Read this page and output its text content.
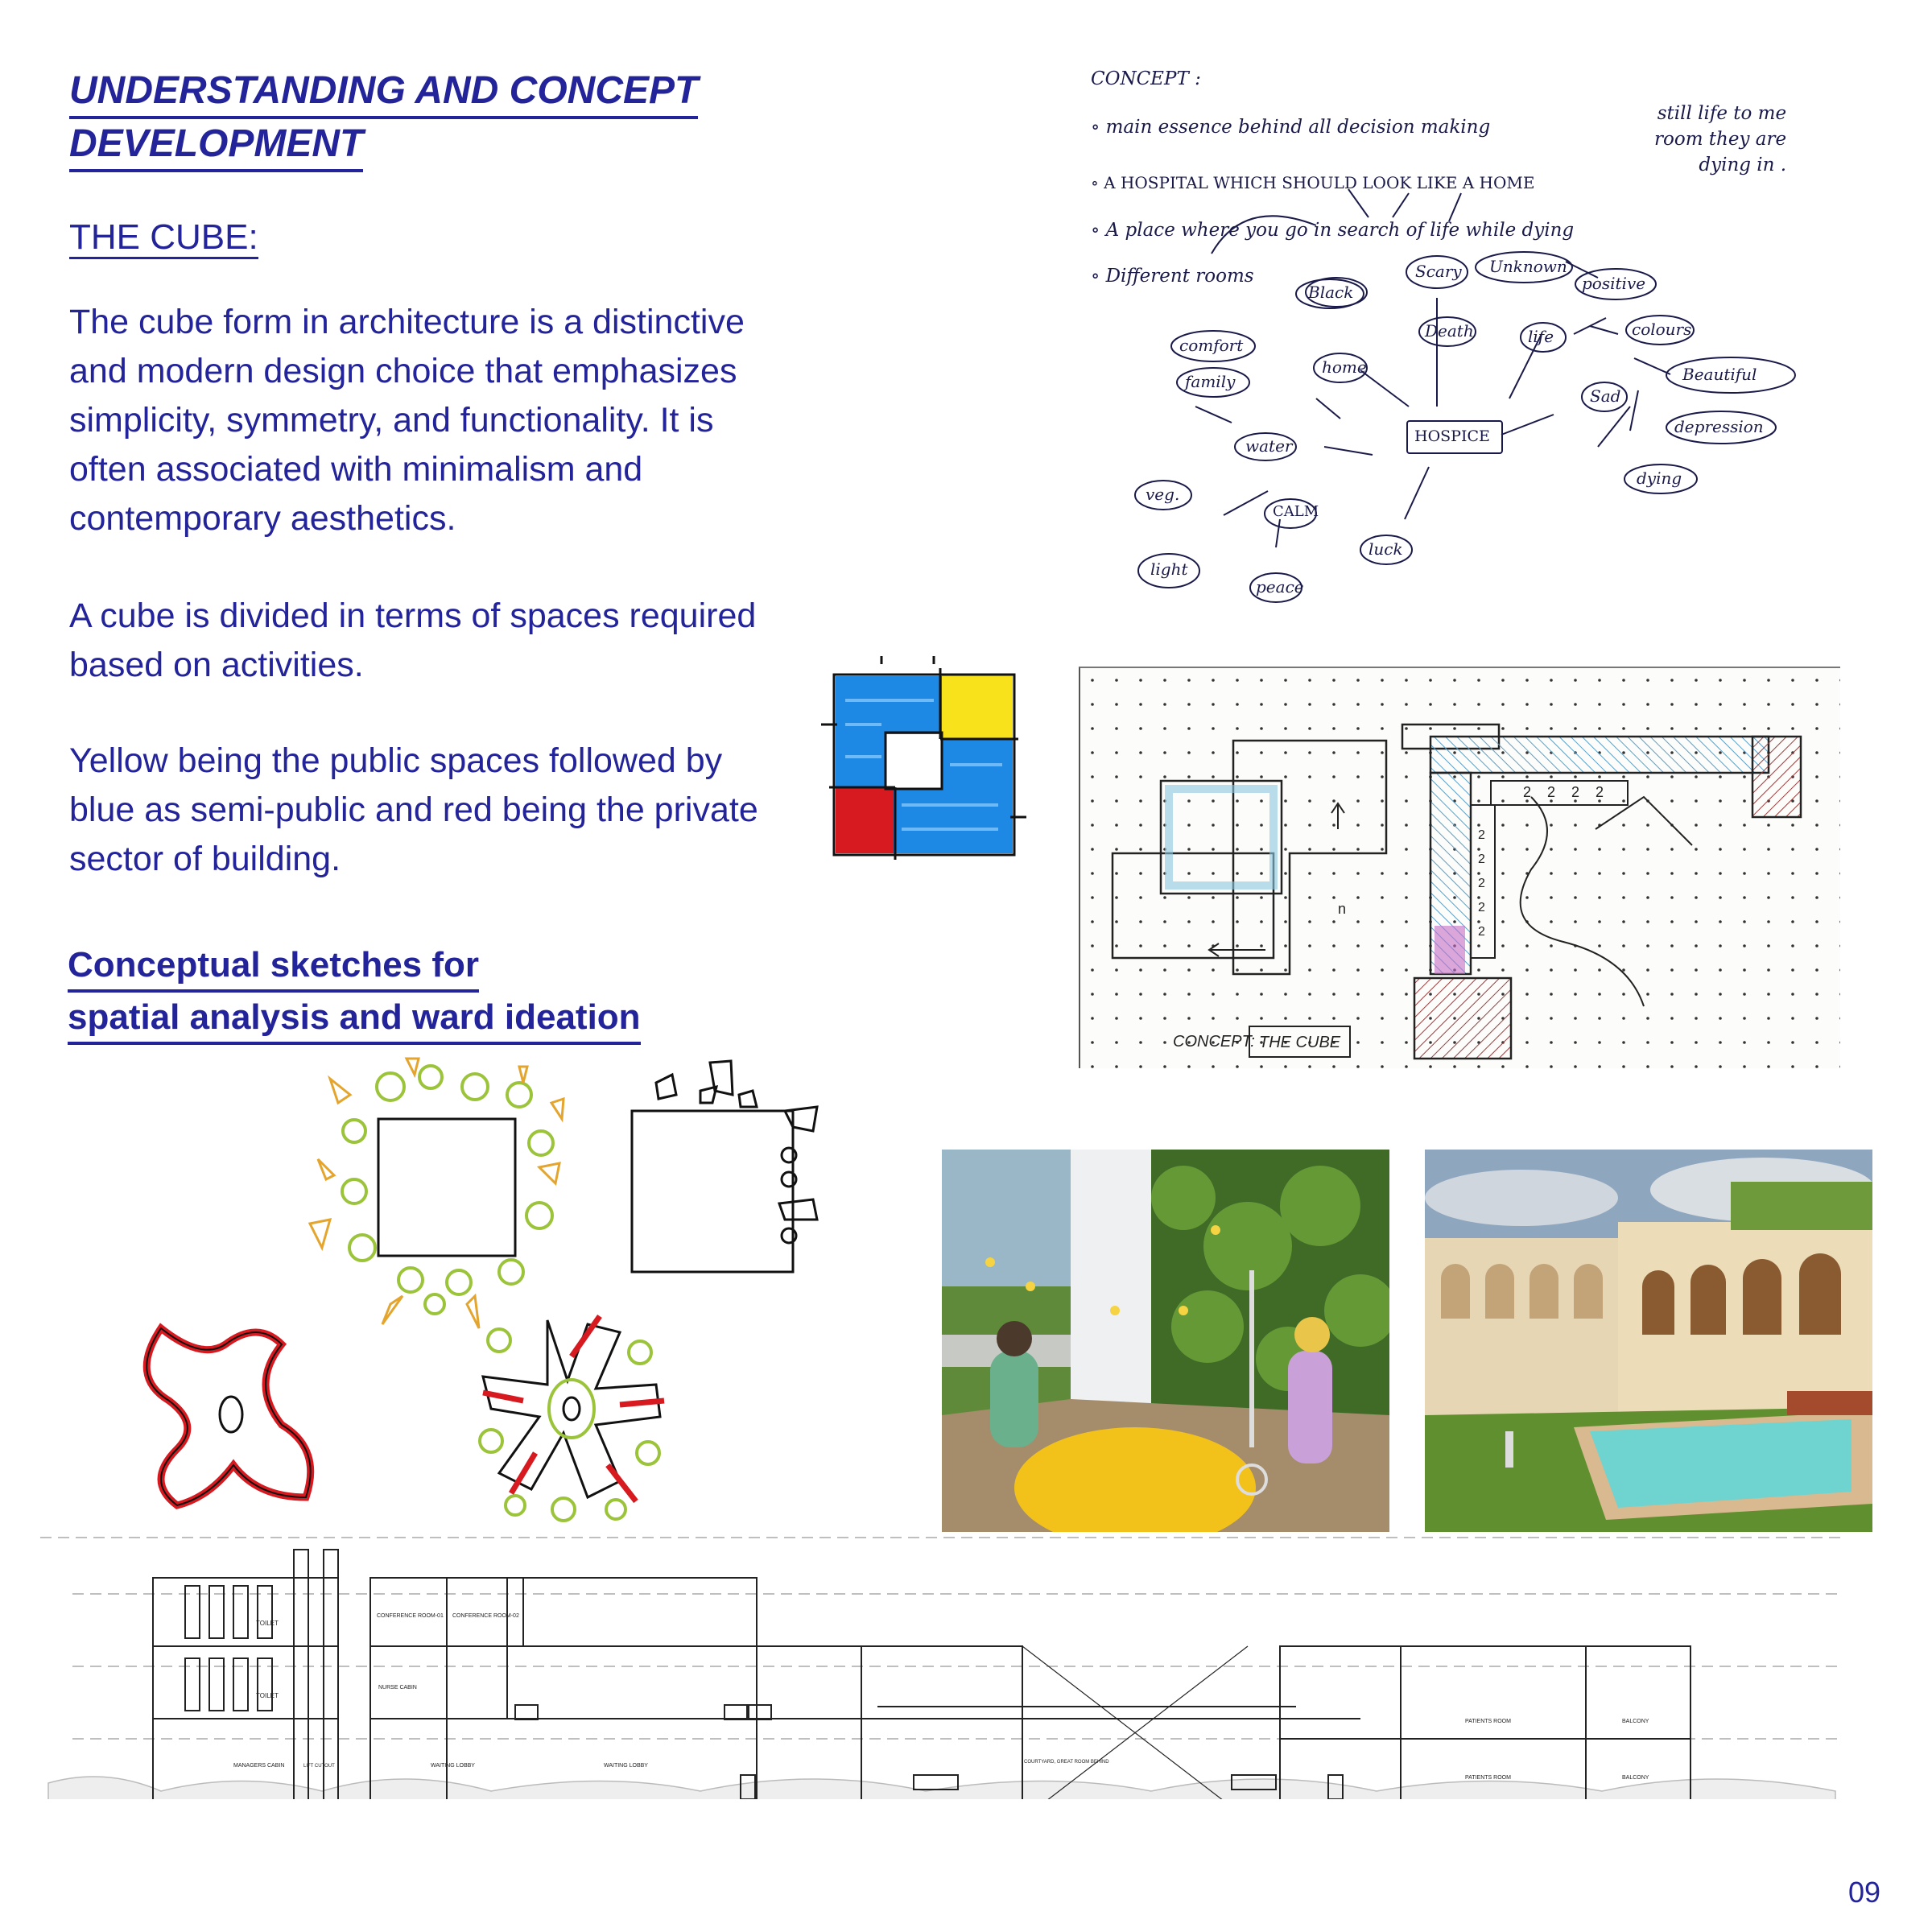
UNDERSTANDING AND CONCEPT
DEVELOPMENT
THE CUBE:
The cube form in architecture is a distinctive and modern design choice that emphasizes simplicity, symmetry, and functionality. It is often associated with minimalism and contemporary aesthetics.
A cube is divided in terms of spaces required based on activities.
Yellow being the public spaces followed by blue as semi-public and red being the private sector of building.
Conceptual sketches for
spatial analysis and ward ideation
CONCEPT :
∘ main essence behind all decision making
∘ A HOSPITAL WHICH SHOULD LOOK LIKE A HOME
∘ A place where you go in search of life while dying
∘ Different rooms
still life to me
room they are
dying in .
Black
Scary Unknown
Death	life
positive
colours
Beautiful
Sad
depression
dying
comfort
family
home
water
veg.
CALM
light
peace
luck
HOSPICE
2 2 2 2
2
2
2
2
2
n
CONCEPT: THE CUBE
TOILET
TOILET
CONFERENCE ROOM-01 CONFERENCE ROOM-02
NURSE CABIN
MANAGERS CABIN	LIFT CUTOUT	WAITING LOBBY	WAITING LOBBY
COURTYARD, GREAT ROOM BEHIND
PATIENTS ROOM
PATIENTS ROOM
BALCONY
BALCONY
09
